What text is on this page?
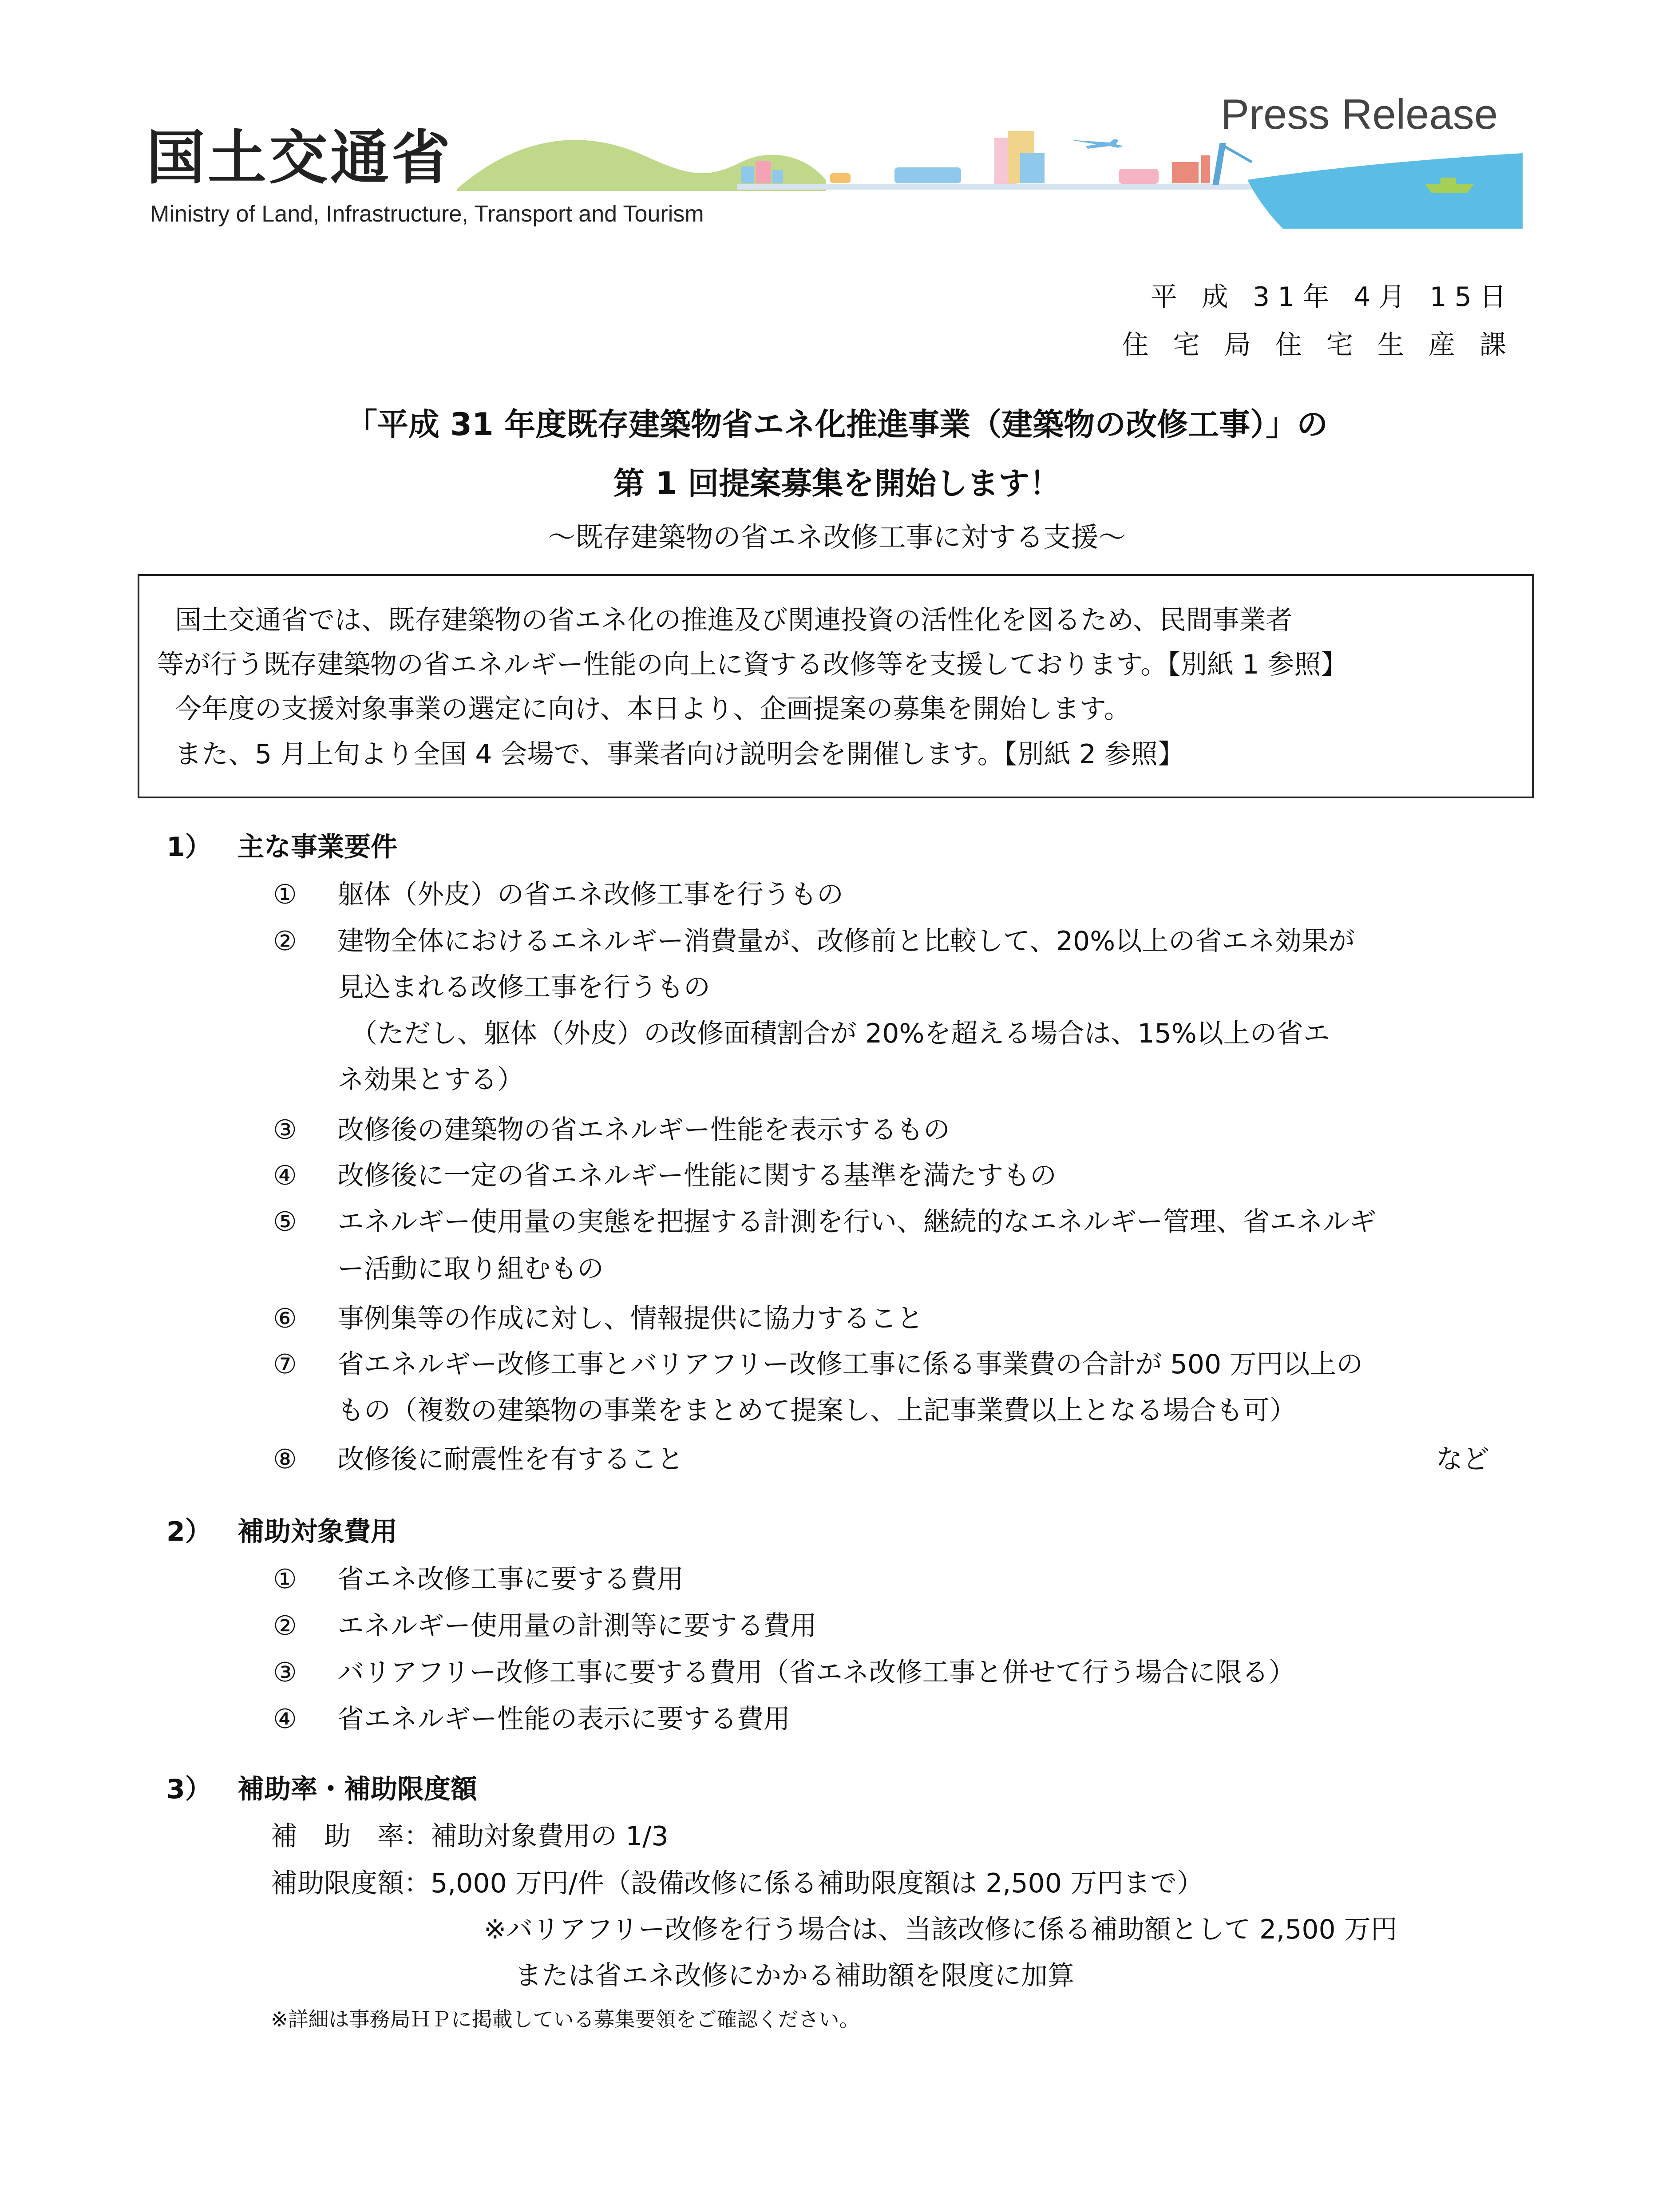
国土交通省
Ministry of Land, Infrastructure, Transport and Tourism
Press Release
平 成 31年 4月 15日
住 宅 局 住 宅 生 産 課
「平成 31 年度既存建築物省エネ化推進事業（建築物の改修工事）」の
第 1 回提案募集を開始します！
～既存建築物の省エネ改修工事に対する支援～

国土交通省では、既存建築物の省エネ化の推進及び関連投資の活性化を図るため、民間事業者

等が行う既存建築物の省エネルギー性能の向上に資する改修等を支援しております。【別紙 1 参照】

今年度の支援対象事業の選定に向け、本日より、企画提案の募集を開始します。

また、5 月上旬より全国 4 会場で、事業者向け説明会を開催します。【別紙 2 参照】

1） 主な事業要件
① 躯体（外皮）の省エネ改修工事を行うもの
② 建物全体におけるエネルギー消費量が、改修前と比較して、20%以上の省エネ効果が
見込まれる改修工事を行うもの
（ただし、躯体（外皮）の改修面積割合が 20%を超える場合は、15%以上の省エ
ネ効果とする）
③ 改修後の建築物の省エネルギー性能を表示するもの
④ 改修後に一定の省エネルギー性能に関する基準を満たすもの
⑤ エネルギー使用量の実態を把握する計測を行い、継続的なエネルギー管理、省エネルギ
ー活動に取り組むもの
⑥ 事例集等の作成に対し、情報提供に協力すること
⑦ 省エネルギー改修工事とバリアフリー改修工事に係る事業費の合計が 500 万円以上の
もの（複数の建築物の事業をまとめて提案し、上記事業費以上となる場合も可）
⑧ 改修後に耐震性を有すること	など
2） 補助対象費用
① 省エネ改修工事に要する費用
② エネルギー使用量の計測等に要する費用
③ バリアフリー改修工事に要する費用（省エネ改修工事と併せて行う場合に限る）
④ 省エネルギー性能の表示に要する費用
3） 補助率・補助限度額
補　助　率：補助対象費用の 1/3
補助限度額：5,000 万円/件（設備改修に係る補助限度額は 2,500 万円まで）
※バリアフリー改修を行う場合は、当該改修に係る補助額として 2,500 万円
または省エネ改修にかかる補助額を限度に加算
※詳細は事務局ＨＰに掲載している募集要領をご確認ください。
